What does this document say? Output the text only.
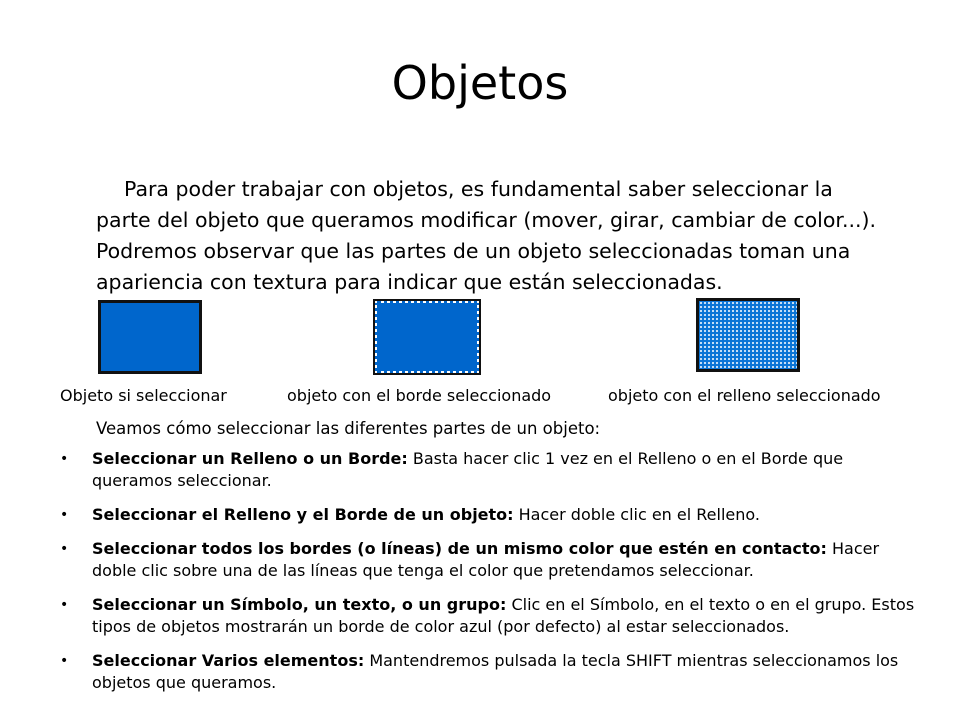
Objetos
Para poder trabajar con objetos, es fundamental saber seleccionar la parte del objeto que queramos modificar (mover, girar, cambiar de color...). Podremos observar que las partes de un objeto seleccionadas toman una apariencia con textura para indicar que están seleccionadas.
Objeto si seleccionar	objeto con el borde seleccionado	objeto con el relleno seleccionado
Veamos cómo seleccionar las diferentes partes de un objeto:
• Seleccionar un Relleno o un Borde: Basta hacer clic 1 vez en el Relleno o en el Borde que queramos seleccionar.
• Seleccionar el Relleno y el Borde de un objeto: Hacer doble clic en el Relleno.
• Seleccionar todos los bordes (o líneas) de un mismo color que estén en contacto: Hacer doble clic sobre una de las líneas que tenga el color que pretendamos seleccionar.
• Seleccionar un Símbolo, un texto, o un grupo: Clic en el Símbolo, en el texto o en el grupo. Estos tipos de objetos mostrarán un borde de color azul (por defecto) al estar seleccionados.
• Seleccionar Varios elementos: Mantendremos pulsada la tecla SHIFT mientras seleccionamos los objetos que queramos.
